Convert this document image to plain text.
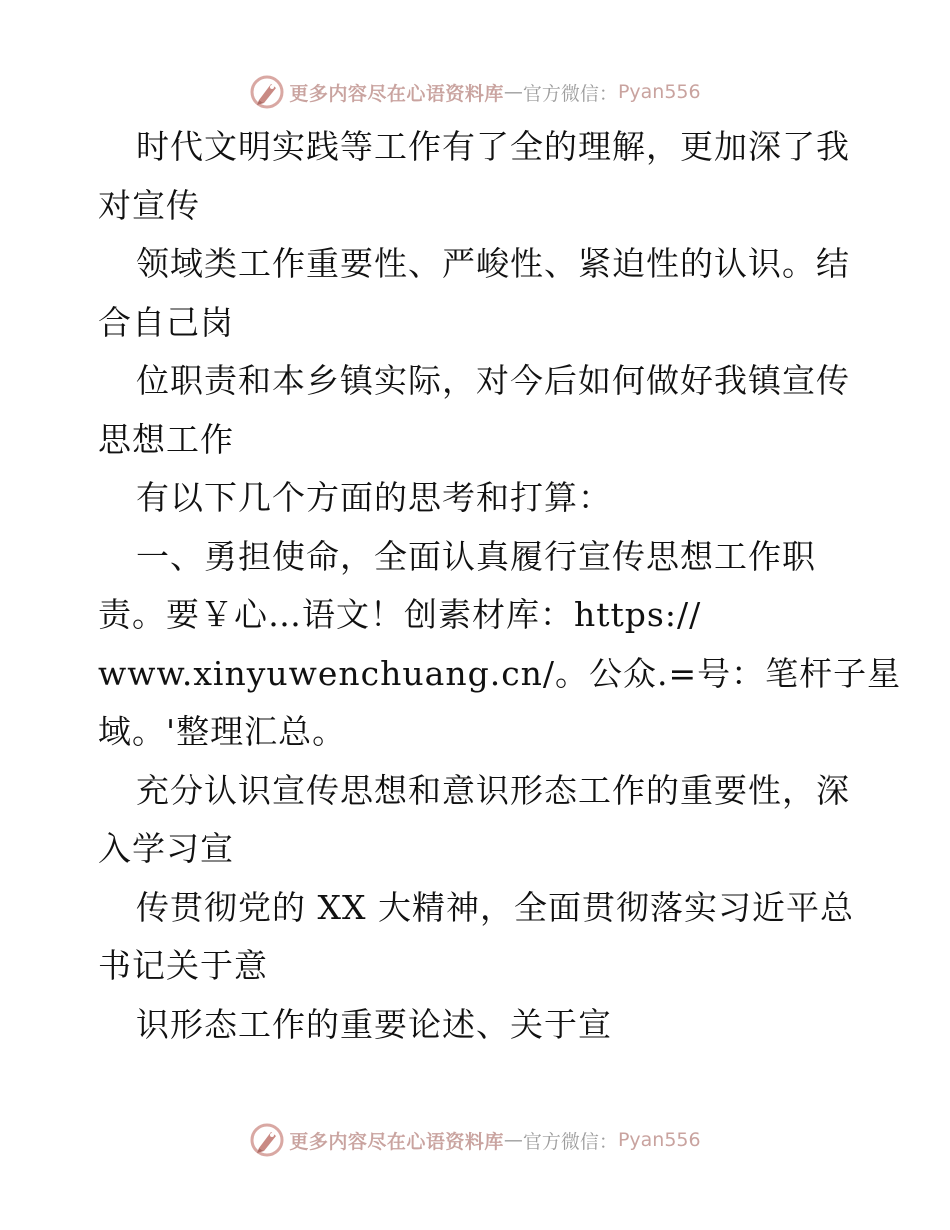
更多内容尽在心语资料库 — 官方微信： Pyan556
时代文明实践等工作有了全的理解，更加深了我
对宣传
领域类工作重要性、严峻性、紧迫性的认识。结
合自己岗
位职责和本乡镇实际，对今后如何做好我镇宣传
思想工作
有以下几个方面的思考和打算：
一、勇担使命，全面认真履行宣传思想工作职
责。要￥心…语文！创素材库：https://
www.xinyuwenchuang.cn/。公众.=号：笔杆子星
域。'整理汇总。
充分认识宣传思想和意识形态工作的重要性，深
入学习宣
传贯彻党的 XX 大精神，全面贯彻落实习近平总
书记关于意
识形态工作的重要论述、关于宣
更多内容尽在心语资料库 — 官方微信： Pyan556
